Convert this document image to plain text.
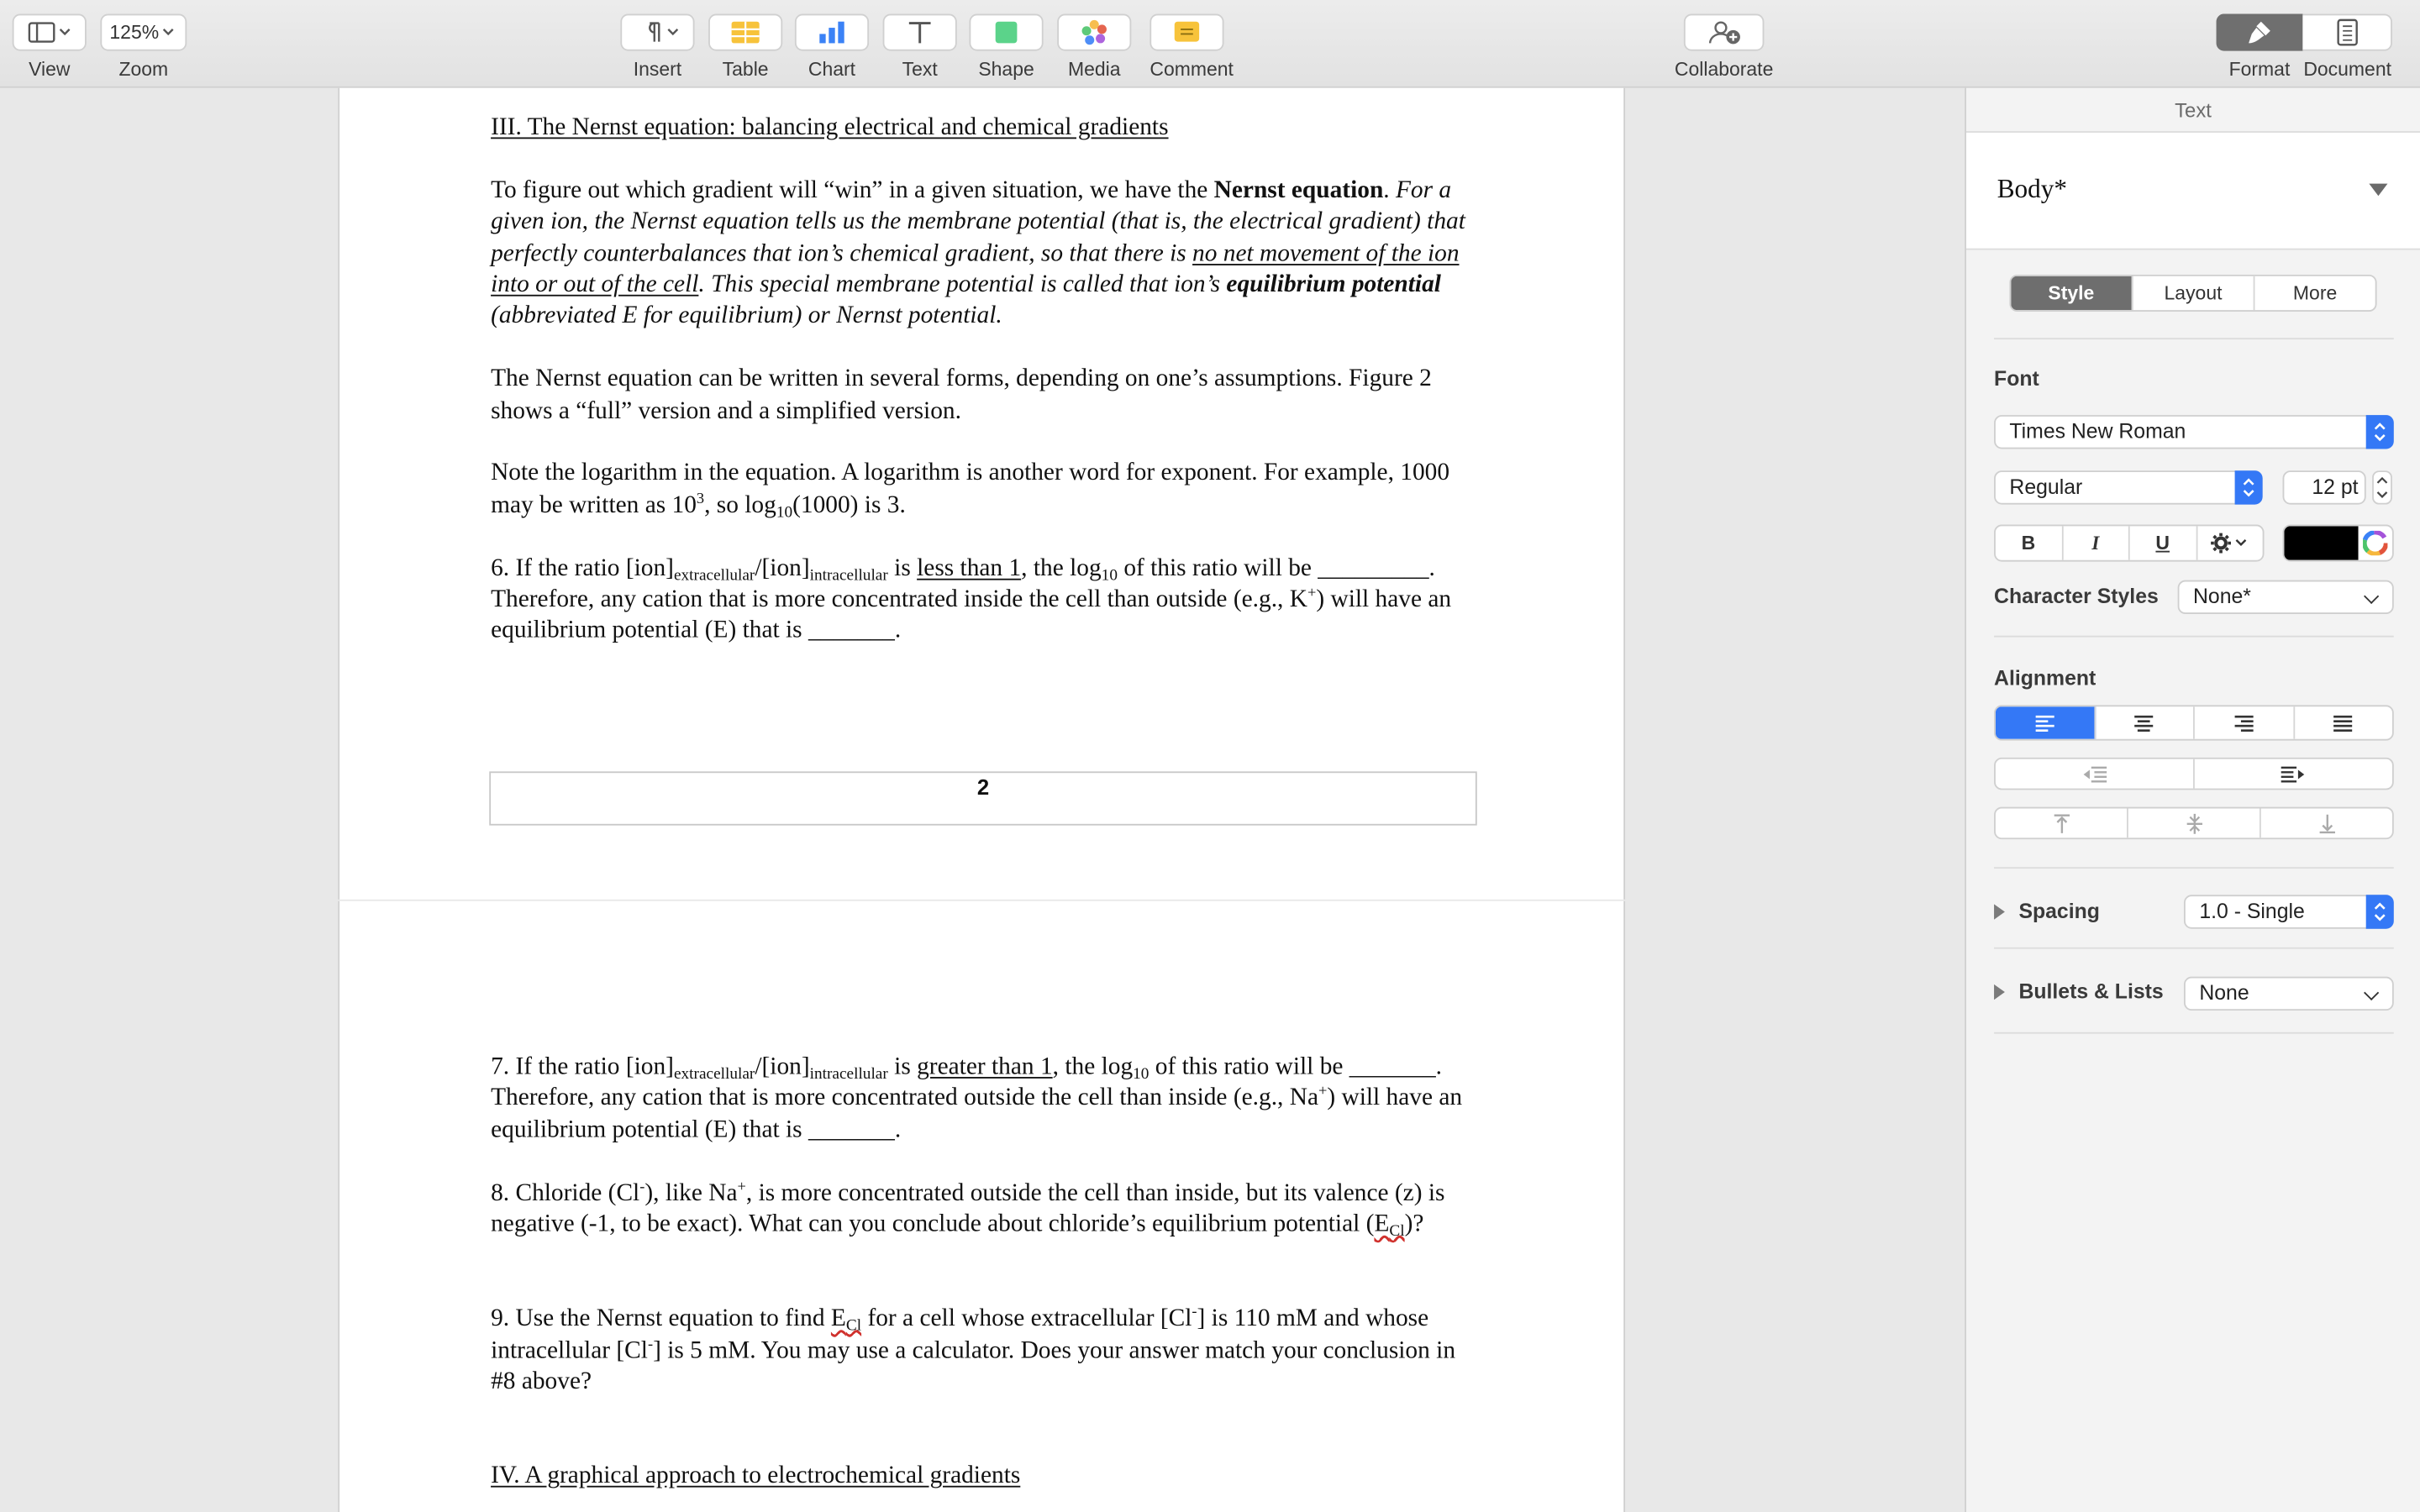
View
125%
Zoom	Insert	Table	Chart	Text	Shape	Media	Comment	Collaborate	Format	Document

III. The Nernst equation: balancing electrical and chemical gradients

To figure out which gradient will “win” in a given situation, we have the Nernst equation. For a given ion, the Nernst equation tells us the membrane potential (that is, the electrical gradient) that perfectly counterbalances that ion’s chemical gradient, so that there is no net movement of the ion into or out of the cell. This special membrane potential is called that ion’s equilibrium potential (abbreviated E for equilibrium) or Nernst potential.

The Nernst equation can be written in several forms, depending on one’s assumptions. Figure 2 shows a “full” version and a simplified version.

Note the logarithm in the equation. A logarithm is another word for exponent. For example, 1000 may be written as $10^3$, so $\log_{10}(1000)$ is 3.

6. If the ratio $[ion]_{extracellular}/[ion]_{intracellular}$ is less than 1, the $\log_{10}$ of this ratio will be _________. Therefore, any cation that is more concentrated inside the cell than outside (e.g., K+) will have an equilibrium potential (E) that is _______.

2

7. If the ratio $[ion]_{extracellular}/[ion]_{intracellular}$ is greater than 1, the $\log_{10}$ of this ratio will be _______. Therefore, any cation that is more concentrated outside the cell than inside (e.g., Na+) will have an equilibrium potential (E) that is _______.

8. Chloride (Cl-), like Na+, is more concentrated outside the cell than inside, but its valence (z) is negative (-1, to be exact). What can you conclude about chloride’s equilibrium potential $(E_{Cl})$?

9. Use the Nernst equation to find $E_{Cl}$ for a cell whose extracellular [Cl-] is 110 mM and whose intracellular [Cl-] is 5 mM. You may use a calculator. Does your answer match your conclusion in #8 above?

IV. A graphical approach to electrochemical gradients

Text
Body*
Style	Layout	More
Font
Times New Roman
Regular	12 pt
B	I	U
Character Styles	None*
Alignment
Spacing	1.0 - Single
Bullets & Lists	None
